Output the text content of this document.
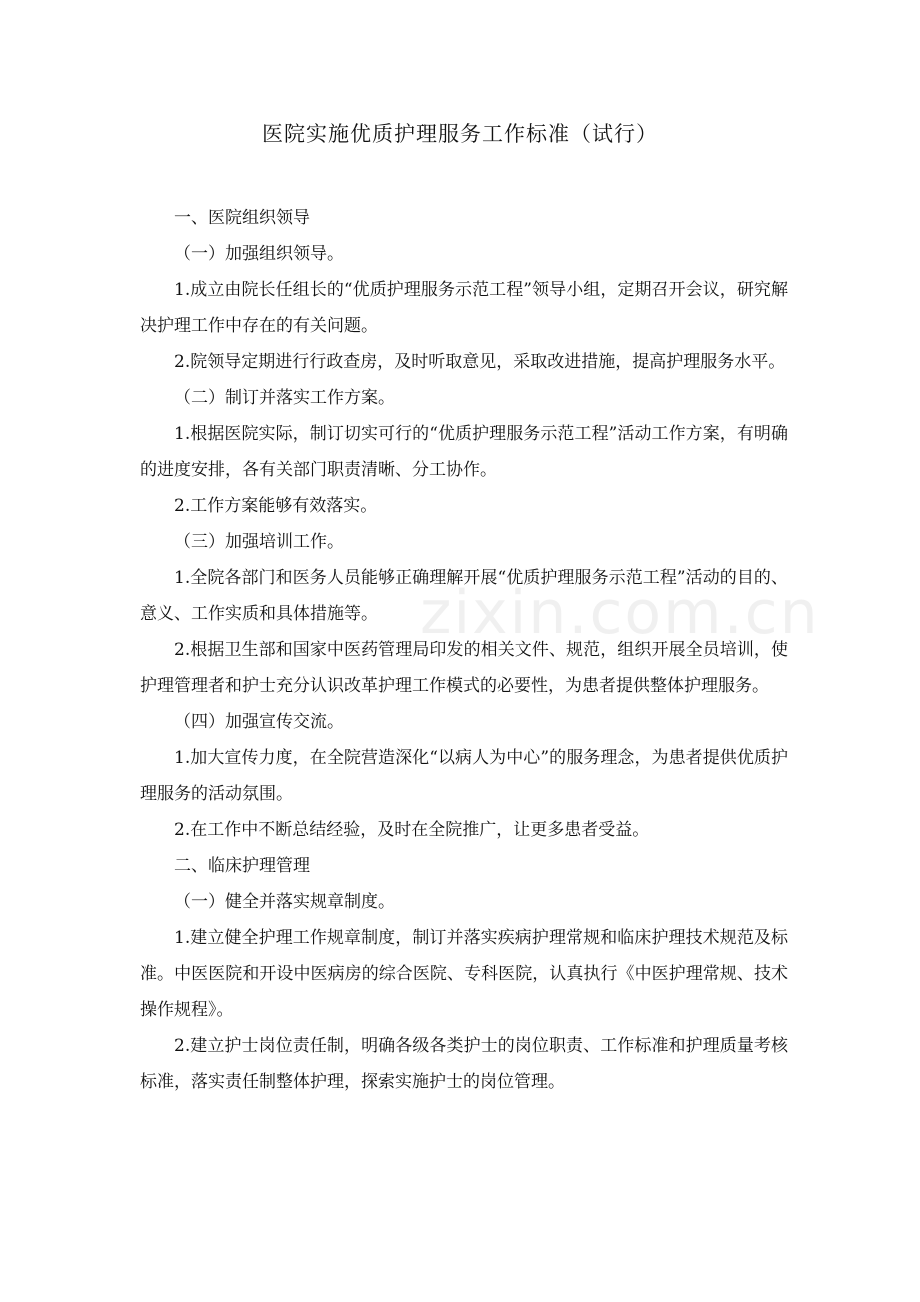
zixin.com.cn
医院实施优质护理服务工作标准（试行）

一、医院组织领导

（一）加强组织领导。

1.成立由院长任组长的“优质护理服务示范工程”领导小组，定期召开会议，研究解决护理工作中存在的有关问题。

2.院领导定期进行行政查房，及时听取意见，采取改进措施，提高护理服务水平。

（二）制订并落实工作方案。

1.根据医院实际，制订切实可行的“优质护理服务示范工程”活动工作方案，有明确的进度安排，各有关部门职责清晰、分工协作。

2.工作方案能够有效落实。

（三）加强培训工作。

1.全院各部门和医务人员能够正确理解开展“优质护理服务示范工程”活动的目的、意义、工作实质和具体措施等。

2.根据卫生部和国家中医药管理局印发的相关文件、规范，组织开展全员培训，使护理管理者和护士充分认识改革护理工作模式的必要性，为患者提供整体护理服务。

（四）加强宣传交流。

1.加大宣传力度，在全院营造深化“以病人为中心”的服务理念，为患者提供优质护理服务的活动氛围。

2.在工作中不断总结经验，及时在全院推广，让更多患者受益。

二、临床护理管理

（一）健全并落实规章制度。

1.建立健全护理工作规章制度，制订并落实疾病护理常规和临床护理技术规范及标准。中医医院和开设中医病房的综合医院、专科医院，认真执行《中医护理常规、技术操作规程》。

2.建立护士岗位责任制，明确各级各类护士的岗位职责、工作标准和护理质量考核标准，落实责任制整体护理，探索实施护士的岗位管理。
